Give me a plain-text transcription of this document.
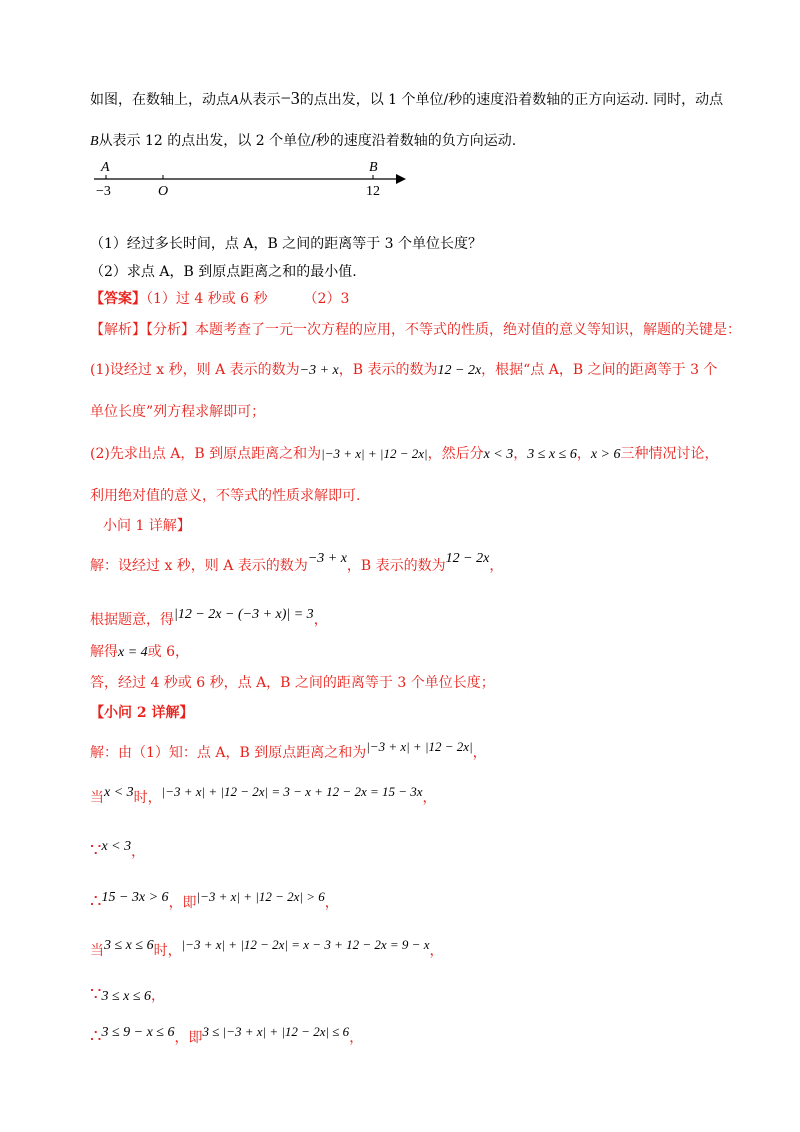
如图，在数轴上，动点A从表示−3的点出发，以 1 个单位/秒的速度沿着数轴的正方向运动. 同时，动点
B从表示 12 的点出发，以 2 个单位/秒的速度沿着数轴的负方向运动.
A	B
−3	O	12
（1）经过多长时间，点 A，B 之间的距离等于 3 个单位长度？
（2）求点 A，B 到原点距离之和的最小值.
【答案】（1）过 4 秒或 6 秒	（2）3
【解析】【分析】本题考查了一元一次方程的应用，不等式的性质，绝对值的意义等知识，解题的关键是：
(1)设经过 x 秒，则 A 表示的数为−3 + x，B 表示的数为12 − 2x，根据“点 A，B 之间的距离等于 3 个
单位长度”列方程求解即可；
(2)先求出点 A，B 到原点距离之和为|−3 + x| + |12 − 2x|，然后分x < 3，3 ≤ x ≤ 6，x > 6三种情况讨论，
利用绝对值的意义，不等式的性质求解即可.
小问 1 详解】
解：设经过 x 秒，则 A 表示的数为−3 + x，B 表示的数为12 − 2x，
根据题意，得|12 − 2x − (−3 + x)| = 3，
解得x = 4或 6，
答，经过 4 秒或 6 秒，点 A，B 之间的距离等于 3 个单位长度；
【小问 2 详解】
解：由（1）知：点 A，B 到原点距离之和为|−3 + x| + |12 − 2x|，
当x < 3时，|−3 + x| + |12 − 2x| = 3 − x + 12 − 2x = 15 − 3x，
∵x < 3，
∴15 − 3x > 6，即|−3 + x| + |12 − 2x| > 6，
当3 ≤ x ≤ 6时，|−3 + x| + |12 − 2x| = x − 3 + 12 − 2x = 9 − x，
∵3 ≤ x ≤ 6，
∴3 ≤ 9 − x ≤ 6，即3 ≤ |−3 + x| + |12 − 2x| ≤ 6，
